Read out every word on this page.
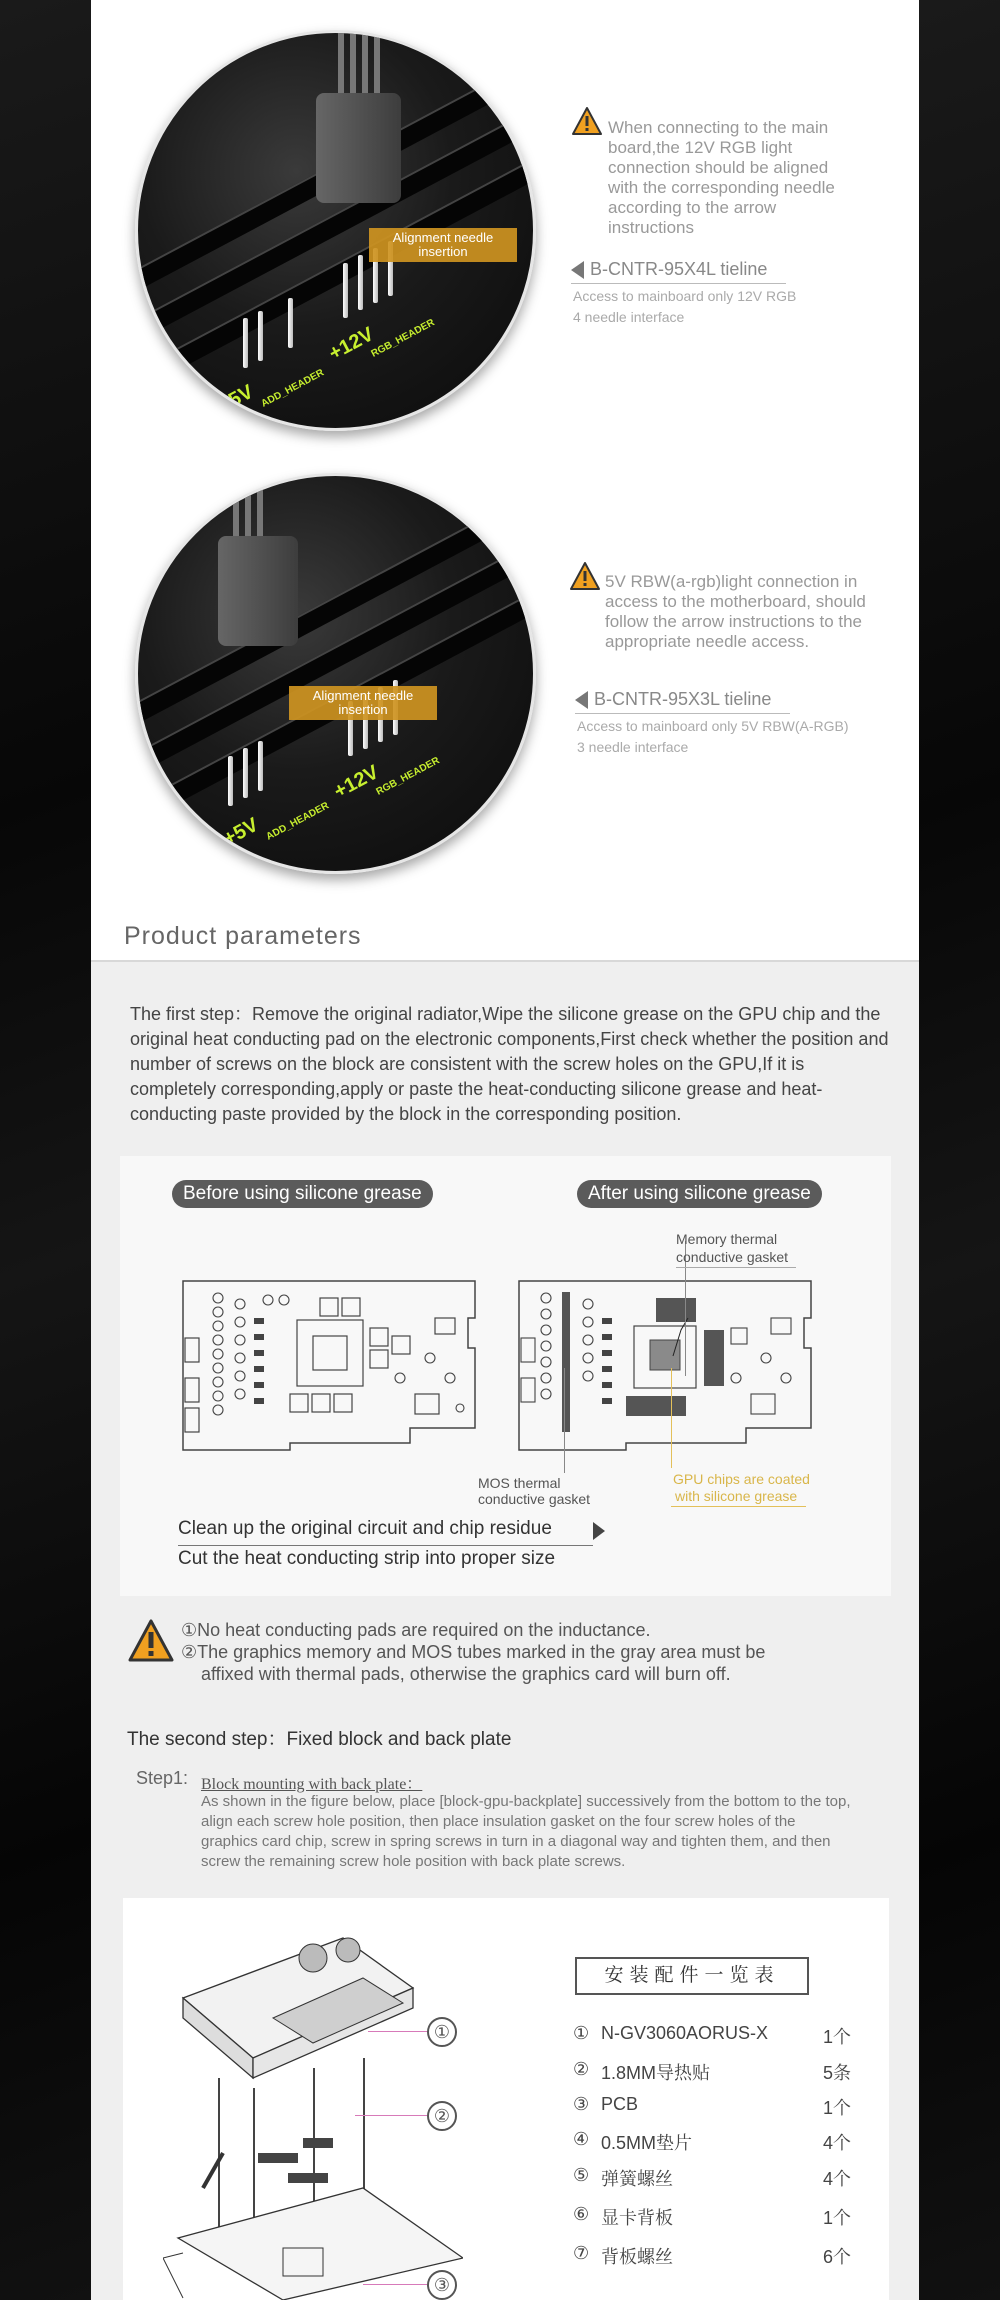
+12V
RGB_HEADER
+5V ADD_HEADER
Alignment needle insertion
When connecting to the main board,the 12V RGB light connection should be aligned with the corresponding needle according to the arrow instructions
B-CNTR-95X4L tieline
Access to mainboard only 12V RGB
4 needle interface
+12V
RGB_HEADER
+5V ADD_HEADER
Alignment needle insertion
5V RBW(a-rgb)light connection in access to the motherboard, should follow the arrow instructions to the appropriate needle access.
B-CNTR-95X3L tieline
Access to mainboard only 5V RBW(A-RGB)
3 needle interface
Product parameters
The first step：Remove the original radiator,Wipe the silicone grease on the GPU chip and the original heat conducting pad on the electronic components,First check whether the position and number of screws on the block are consistent with the screw holes on the GPU,If it is completely corresponding,apply or paste the heat-conducting silicone grease and heat-conducting paste provided by the block in the corresponding position.
Before using silicone grease	After using silicone grease
Memory thermal
conductive gasket
MOS thermal
conductive gasket
GPU chips are coated
with silicone grease
Clean up the original circuit and chip residue
Cut the heat conducting strip into proper size
①No heat conducting pads are required on the inductance.
②The graphics memory and MOS tubes marked in the gray area must be
affixed with thermal pads, otherwise the graphics card will burn off.
The second step：Fixed block and back plate
Step1: Block mounting with back plate：
As shown in the figure below, place [block-gpu-backplate] successively from the bottom to the top, align each screw hole position, then place insulation gasket on the four screw holes of the graphics card chip, screw in spring screws in turn in a diagonal way and tighten them, and then screw the remaining screw hole position with back plate screws.
①
②
③
安装配件一览表
① N-GV3060AORUS-X	1个
② 1.8MM导热贴	5条
③ PCB	1个
④ 0.5MM垫片	4个
⑤ 弹簧螺丝	4个
⑥ 显卡背板	1个
⑦ 背板螺丝	6个
